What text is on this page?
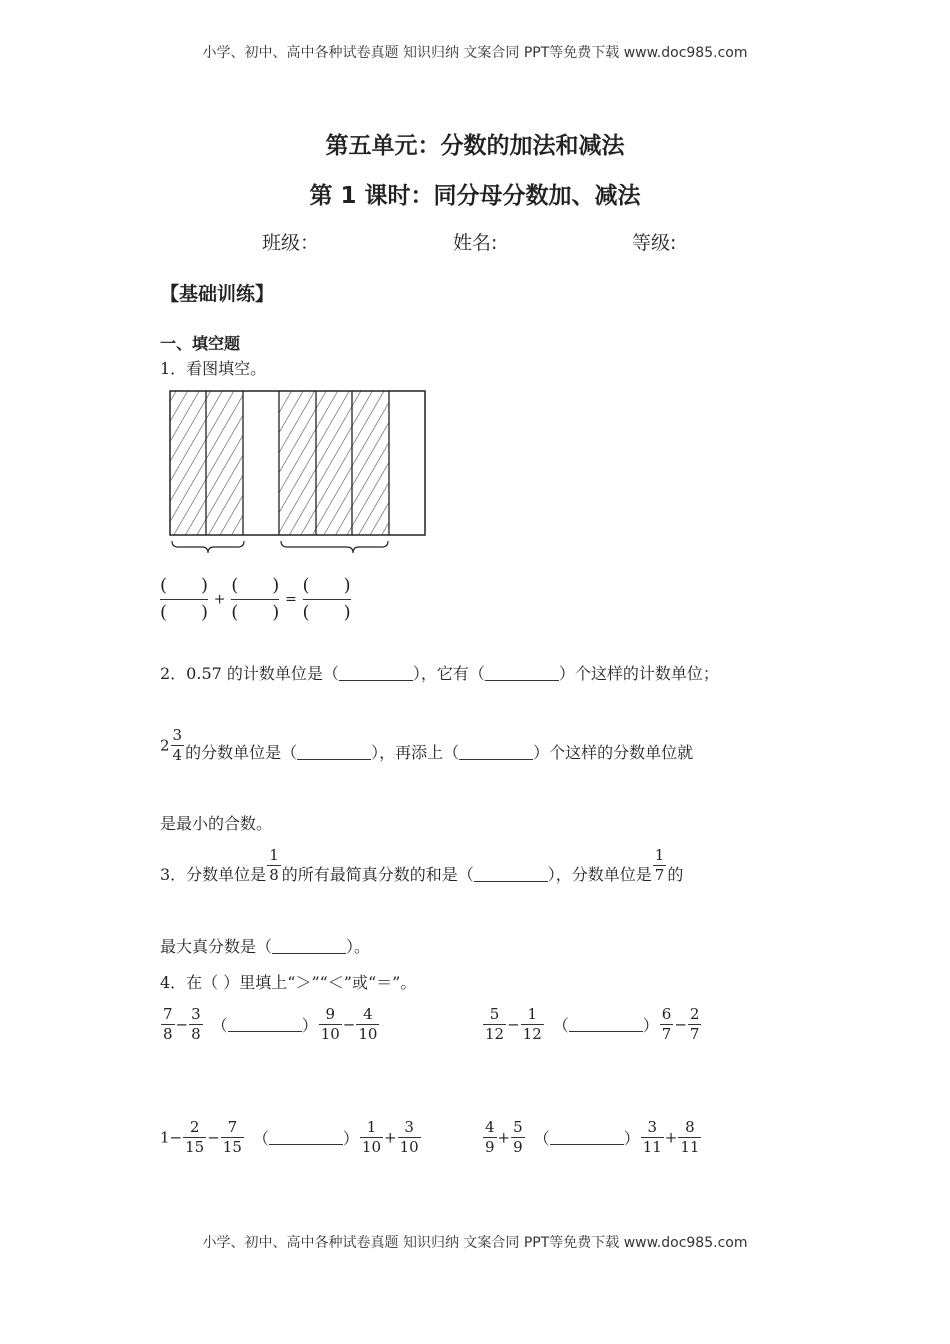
小学、初中、高中各种试卷真题 知识归纳 文案合同 PPT等免费下载 www.doc985.com
第五单元：分数的加法和减法
第 1 课时：同分母分数加、减法
班级：	姓名:	等级:
【基础训练】
一、填空题
1．看图填空。
( )
( )
+
( )
( )
=
( )
( )
2．0.57 的计数单位是（	），它有（	）个这样的计数单位；
$2 \frac{3}{4}$ 的分数单位是（	），再添上（	）个这样的分数单位就
是最小的合数。
3．分数单位是 $\frac{1}{8}$ 的所有最简真分数的和是（	），分数单位是 $\frac{1}{7}$ 的
最大真分数是（	）。
4．在（ ）里填上“＞”“＜”或“＝”。
$\frac{7}{8} - \frac{3}{8}$ （	） $\frac{9}{10} - \frac{4}{10}$	$\frac{5}{12} - \frac{1}{12}$ （	） $\frac{6}{7} - \frac{2}{7}$
$1- \frac{2}{15} - \frac{7}{15}$ （	） $\frac{1}{10} + \frac{3}{10}$	$\frac{4}{9} + \frac{5}{9}$ （	） $\frac{3}{11} + \frac{8}{11}$
小学、初中、高中各种试卷真题 知识归纳 文案合同 PPT等免费下载 www.doc985.com
